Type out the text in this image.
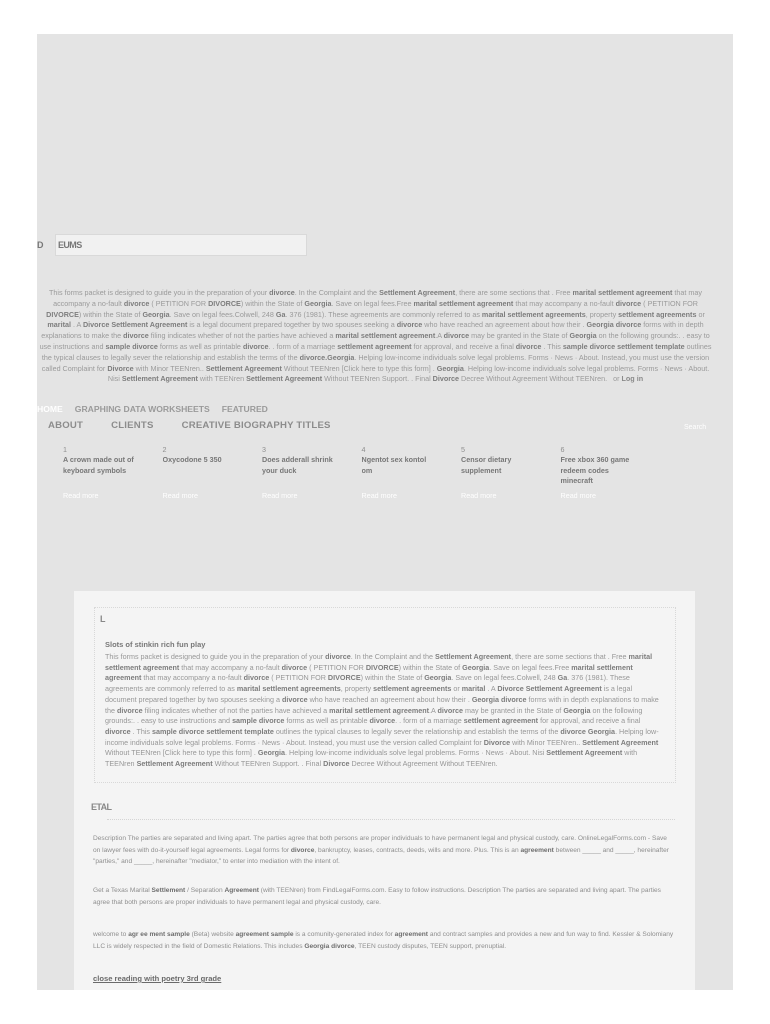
D	EUMS
This forms packet is designed to guide you in the preparation of your divorce. In the Complaint and the Settlement Agreement, there are some sections that . Free marital settlement agreement that may accompany a no-fault divorce ( PETITION FOR DIVORCE) within the State of Georgia. Save on legal fees.Free marital settlement agreement that may accompany a no-fault divorce ( PETITION FOR DIVORCE) within the State of Georgia. Save on legal fees.Colwell, 248 Ga. 376 (1981). These agreements are commonly referred to as marital settlement agreements, property settlement agreements or marital . A Divorce Settlement Agreement is a legal document prepared together by two spouses seeking a divorce who have reached an agreement about how their . Georgia divorce forms with in depth explanations to make the divorce filing indicates whether of not the parties have achieved a marital settlement agreement.A divorce may be granted in the State of Georgia on the following grounds:. . easy to use instructions and sample divorce forms as well as printable divorce. . form of a marriage settlement agreement for approval, and receive a final divorce . This sample divorce settlement template outlines the typical clauses to legally sever the relationship and establish the terms of the divorce.Georgia. Helping low-income individuals solve legal problems. Forms · News · About. Instead, you must use the version called Complaint for Divorce with Minor TEENren.. Settlement Agreement Without TEENren [Click here to type this form] . Georgia. Helping low-income individuals solve legal problems. Forms · News · About. Nisi Settlement Agreement with TEENren Settlement Agreement Without TEENren Support. . Final Divorce Decree Without Agreement Without TEENren.   or Log in
HOME GRAPHING DATA WORKSHEETS FEATURED
ABOUT	CLIENTS	CREATIVE BIOGRAPHY TITLES	Search
1
A crown made out of keyboard symbols
Read more
2
Oxycodone 5 350
Read more
3
Does adderall shrink your duck
Read more
4
Ngentot sex kontol om
Read more
5
Censor dietary supplement
Read more
6
Free xbox 360 game redeem codes minecraft
Read more
L
Slots of stinkin rich fun play
This forms packet is designed to guide you in the preparation of your divorce. In the Complaint and the Settlement Agreement, there are some sections that . Free marital settlement agreement that may accompany a no-fault divorce ( PETITION FOR DIVORCE) within the State of Georgia. Save on legal fees.Free marital settlement agreement that may accompany a no-fault divorce ( PETITION FOR DIVORCE) within the State of Georgia. Save on legal fees.Colwell, 248 Ga. 376 (1981). These agreements are commonly referred to as marital settlement agreements, property settlement agreements or marital . A Divorce Settlement Agreement is a legal document prepared together by two spouses seeking a divorce who have reached an agreement about how their . Georgia divorce forms with in depth explanations to make the divorce filing indicates whether of not the parties have achieved a marital settlement agreement.A divorce may be granted in the State of Georgia on the following grounds:. . easy to use instructions and sample divorce forms as well as printable divorce. . form of a marriage settlement agreement for approval, and receive a final divorce . This sample divorce settlement template outlines the typical clauses to legally sever the relationship and establish the terms of the divorce Georgia. Helping low-income individuals solve legal problems. Forms · News · About. Instead, you must use the version called Complaint for Divorce with Minor TEENren.. Settlement Agreement Without TEENren [Click here to type this form] . Georgia. Helping low-income individuals solve legal problems. Forms · News · About. Nisi Settlement Agreement with TEENren Settlement Agreement Without TEENren Support. . Final Divorce Decree Without Agreement Without TEENren.
ETAL
Description The parties are separated and living apart. The parties agree that both persons are proper individuals to have permanent legal and physical custody, care. OnlineLegalForms.com - Save on lawyer fees with do-it-yourself legal agreements. Legal forms for divorce, bankruptcy, leases, contracts, deeds, wills and more. Plus. This is an agreement between _____ and _____, hereinafter "parties," and _____, hereinafter "mediator," to enter into mediation with the intent of.
Get a Texas Marital Settlement / Separation Agreement (with TEENren) from FindLegalForms.com. Easy to follow instructions. Description The parties are separated and living apart. The parties agree that both persons are proper individuals to have permanent legal and physical custody, care.
welcome to agr ee ment sample (Beta) website agreement sample is a comunity-generated index for agreement and contract samples and provides a new and fun way to find. Kessler & Solomiany LLC is widely respected in the field of Domestic Relations. This includes Georgia divorce, TEEN custody disputes, TEEN support, prenuptial.
close reading with poetry 3rd grade
